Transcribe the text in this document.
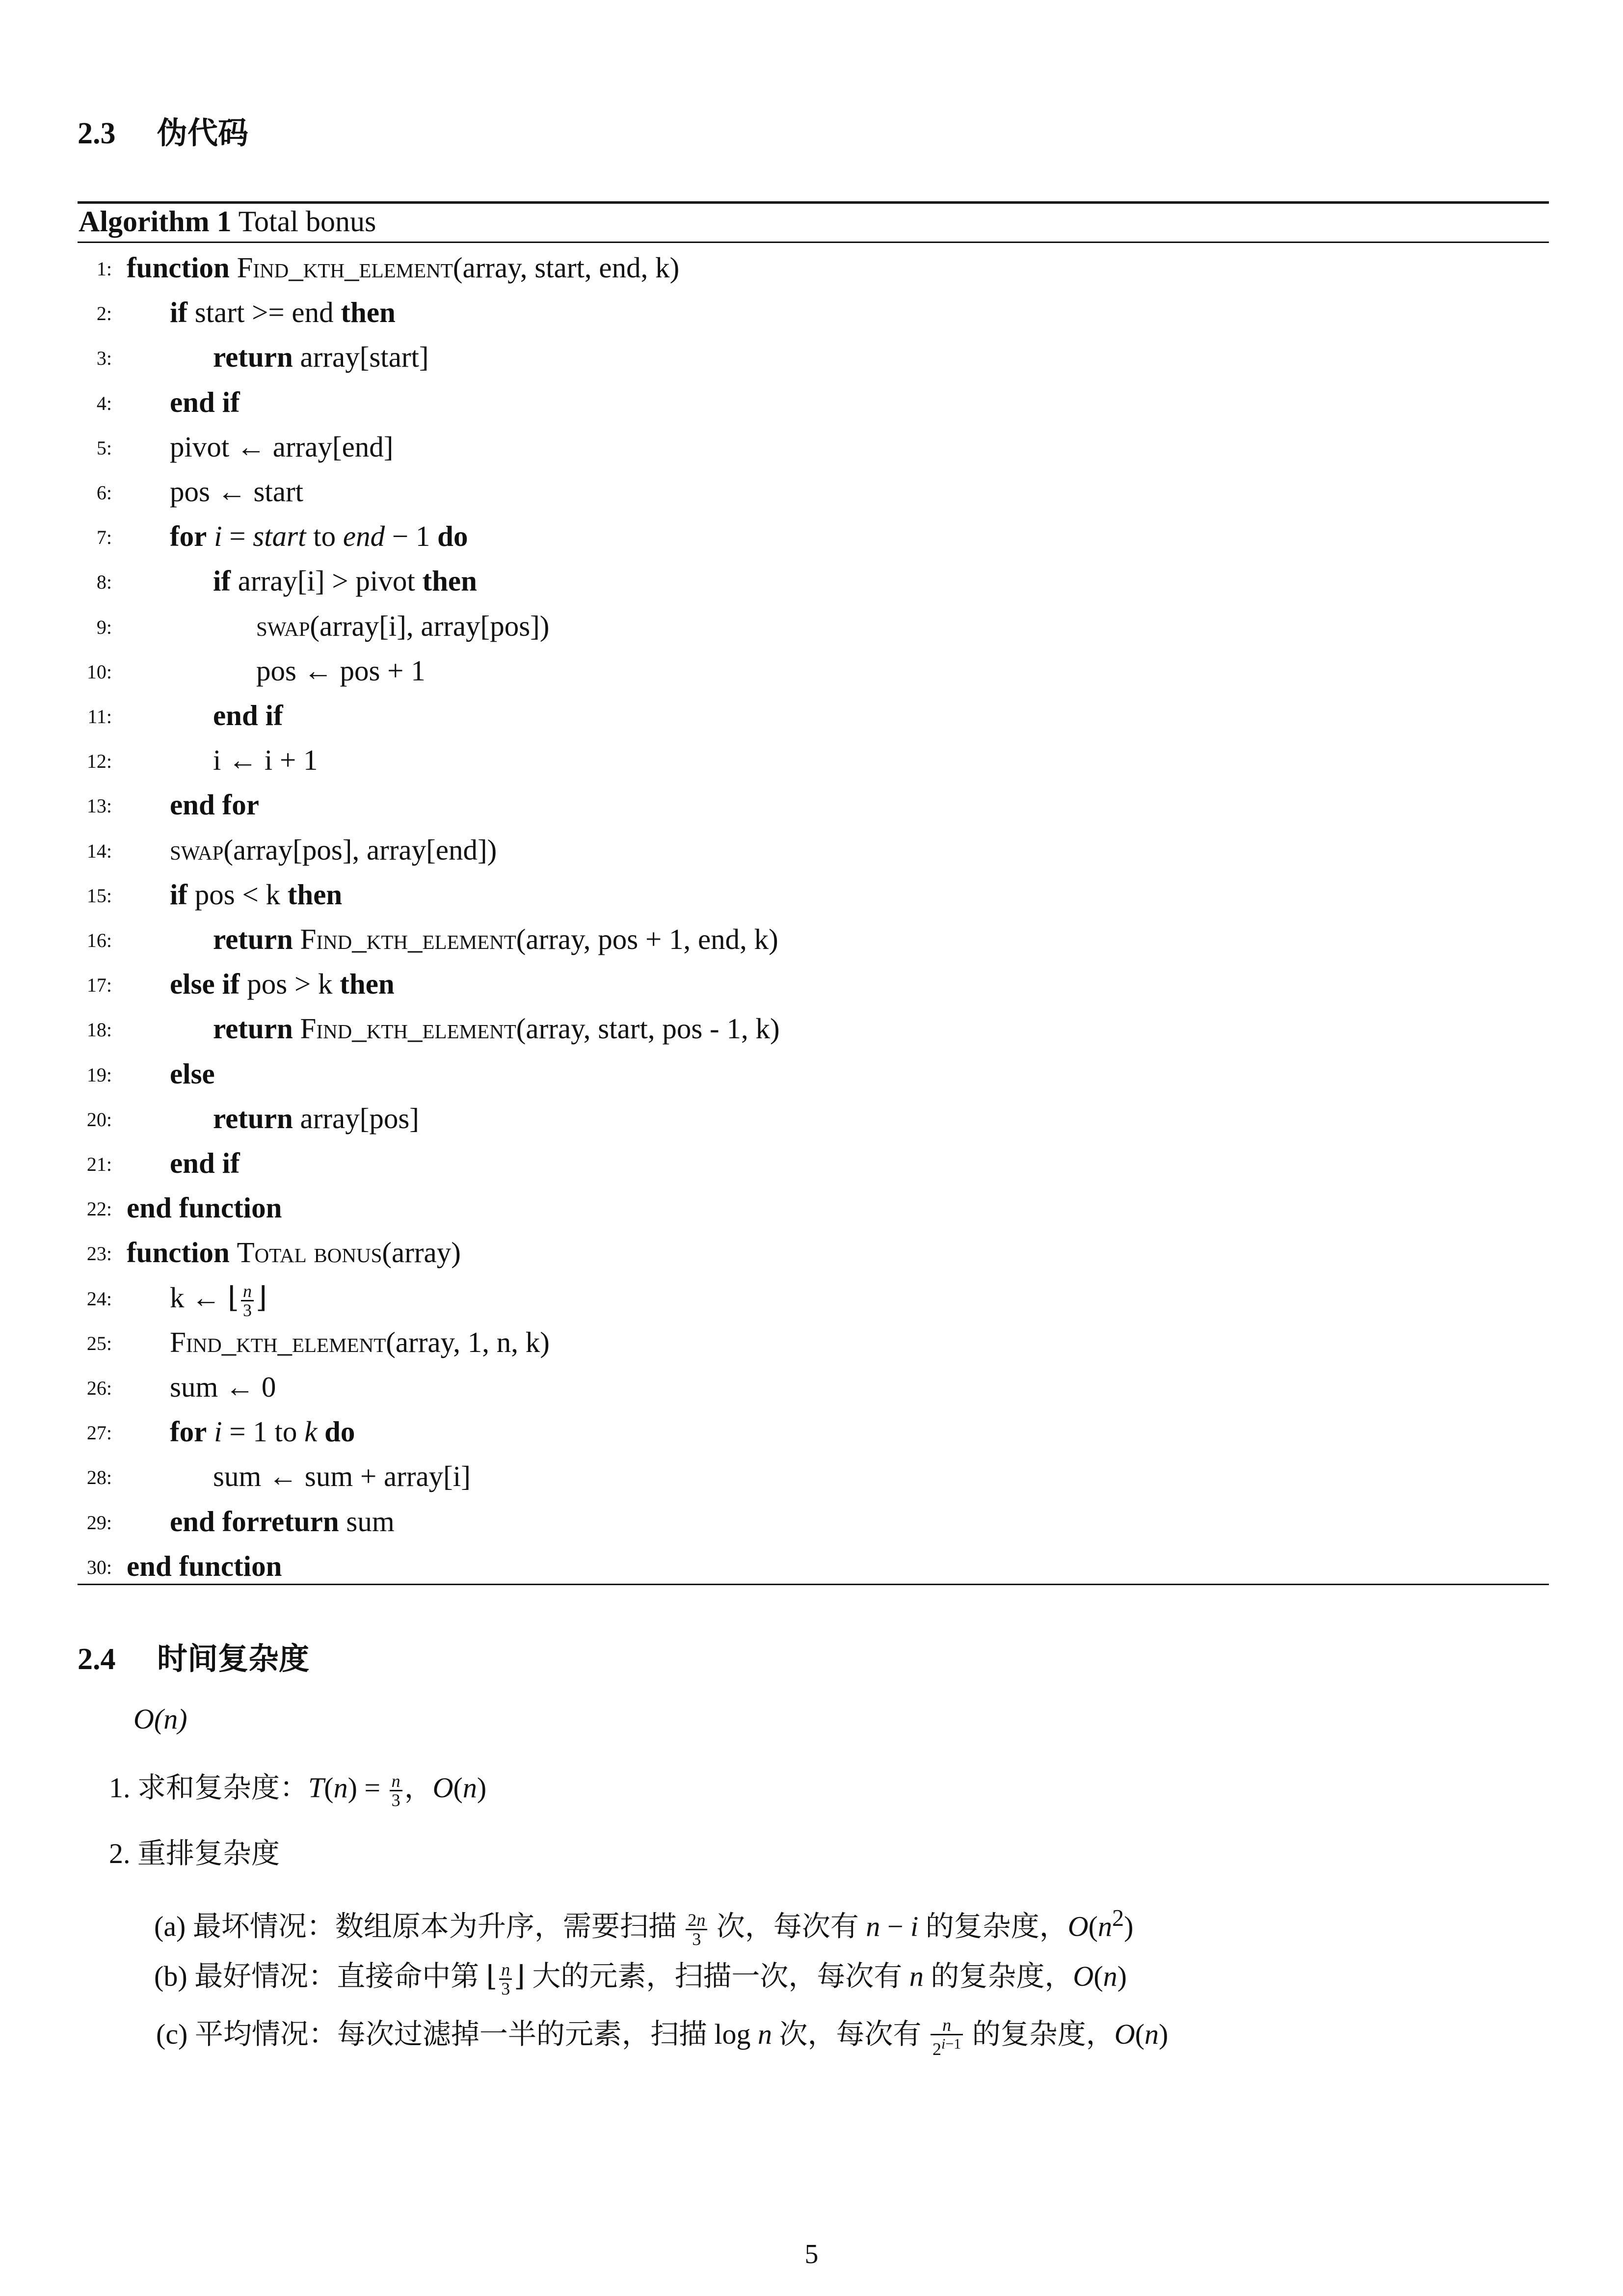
2.3 伪代码
Algorithm 1 Total bonus
1: function Find_kth_element(array, start, end, k)
2: if start >= end then
3:	return array[start]
4: end if
5: pivot ← array[end]
6: pos ← start
7: for i = start to end − 1 do
8:	if array[i] > pivot then
9:	swap(array[i], array[pos])
10:	pos ← pos + 1
11:	end if
12:	i ← i + 1
13: end for
14: swap(array[pos], array[end])
15: if pos < k then
16:	return Find_kth_element(array, pos + 1, end, k)
17: else if pos > k then
18:	return Find_kth_element(array, start, pos - 1, k)
19: else
20:	return array[pos]
21: end if
22: end function
23: function Total bonus(array)
24: k ← ⌊ $\frac{n}{3}$ ⌋
25: Find_kth_element(array, 1, n, k)
26: sum ← 0
27: for i = 1 to k do
28:	sum ← sum + array[i]
29: end forreturn sum
30: end function
2.4 时间复杂度
O(n)
1. 求和复杂度：$T(n) = \frac{n}{3}$ ，O(n)
2. 重排复杂度
(a) 最坏情况：数组原本为升序，需要扫描 $\frac{2n}{3}$ 次，每次有 n − i 的复杂度，$O(n^2)$
(b) 最好情况：直接命中第 ⌊ $\frac{n}{3}$ ⌋ 大的元素，扫描一次，每次有 n 的复杂度，O(n)
(c) 平均情况：每次过滤掉一半的元素，扫描 log n 次，每次有 $\frac{n}{2^{i-1}}$ 的复杂度，O(n)
5
